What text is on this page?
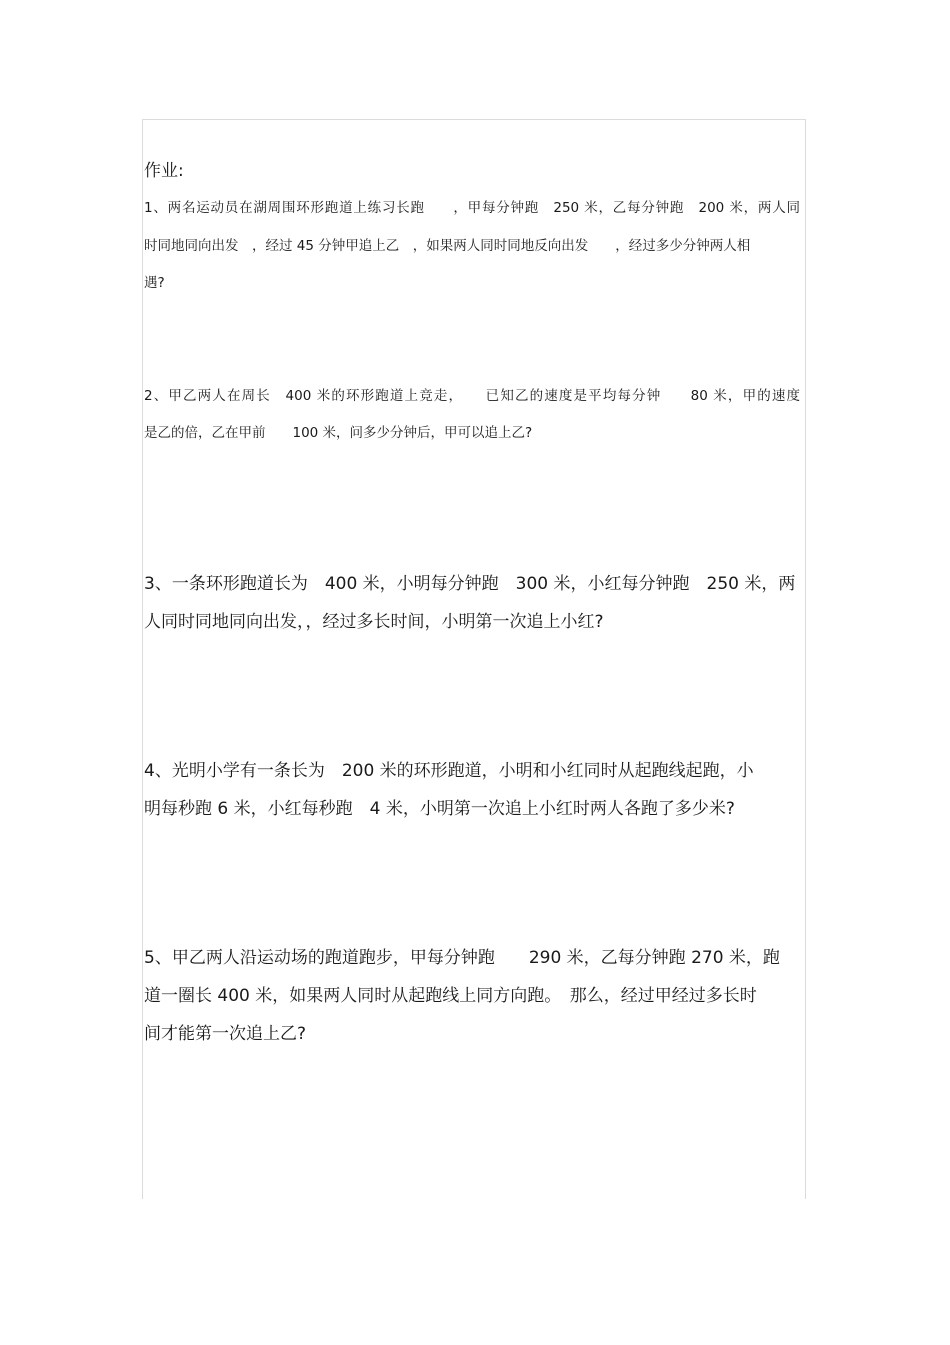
作业:
1、两名运动员在湖周围环形跑道上练习长跑　　，甲每分钟跑　250 米，乙每分钟跑　200 米，两人同
时同地同向出发　，经过 45 分钟甲追上乙　，如果两人同时同地反向出发　　，经过多少分钟两人相
遇?
2、甲乙两人在周长　400 米的环形跑道上竞走，　　已知乙的速度是平均每分钟　　80 米，甲的速度
是乙的倍，乙在甲前　　100 米，问多少分钟后，甲可以追上乙?
3、一条环形跑道长为　400 米，小明每分钟跑　300 米，小红每分钟跑　250 米，两
人同时同地同向出发，，经过多长时间，小明第一次追上小红?
4、光明小学有一条长为　200 米的环形跑道，小明和小红同时从起跑线起跑，小
明每秒跑 6 米，小红每秒跑　4 米，小明第一次追上小红时两人各跑了多少米?
5、甲乙两人沿运动场的跑道跑步，甲每分钟跑　　290 米，乙每分钟跑 270 米，跑
道一圈长 400 米，如果两人同时从起跑线上同方向跑。　那么，经过甲经过多长时
间才能第一次追上乙?
